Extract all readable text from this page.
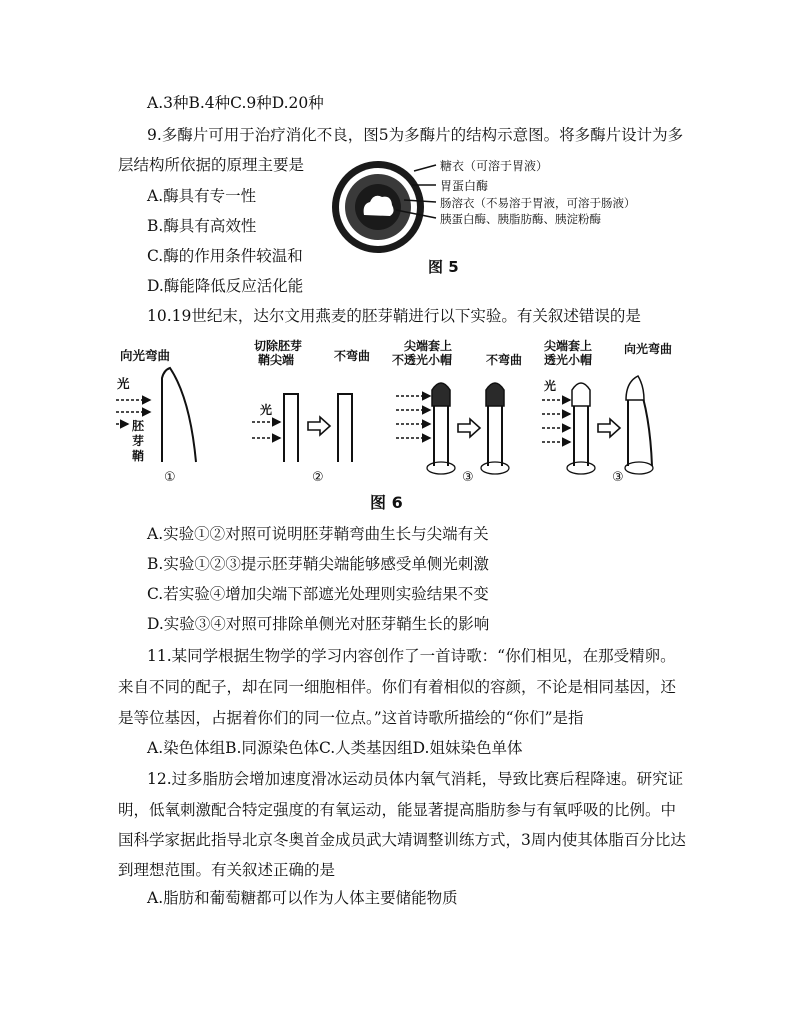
A.3种B.4种C.9种D.20种
9.多酶片可用于治疗消化不良，图5为多酶片的结构示意图。将多酶片设计为多
层结构所依据的原理主要是
A.酶具有专一性
B.酶具有高效性
C.酶的作用条件较温和
D.酶能降低反应活化能
糖衣（可溶于胃液）
胃蛋白酶
肠溶衣（不易溶于胃液，可溶于肠液）
胰蛋白酶、胰脂肪酶、胰淀粉酶
图 5
10.19世纪末，达尔文用燕麦的胚芽鞘进行以下实验。有关叙述错误的是
向光弯曲
光
胚
芽
鞘
①
切除胚芽
鞘尖端	不弯曲
光
②
尖端套上
不透光小帽	不弯曲
③
尖端套上
透光小帽
向光弯曲
光
③
图 6
A.实验①②对照可说明胚芽鞘弯曲生长与尖端有关
B.实验①②③提示胚芽鞘尖端能够感受单侧光刺激
C.若实验④增加尖端下部遮光处理则实验结果不变
D.实验③④对照可排除单侧光对胚芽鞘生长的影响
11.某同学根据生物学的学习内容创作了一首诗歌：“你们相见，在那受精卵。
来自不同的配子，却在同一细胞相伴。你们有着相似的容颜，不论是相同基因，还
是等位基因，占据着你们的同一位点。”这首诗歌所描绘的“你们”是指
A.染色体组B.同源染色体C.人类基因组D.姐妹染色单体
12.过多脂肪会增加速度滑冰运动员体内氧气消耗，导致比赛后程降速。研究证
明，低氧刺激配合特定强度的有氧运动，能显著提高脂肪参与有氧呼吸的比例。中
国科学家据此指导北京冬奥首金成员武大靖调整训练方式，3周内使其体脂百分比达
到理想范围。有关叙述正确的是
A.脂肪和葡萄糖都可以作为人体主要储能物质
